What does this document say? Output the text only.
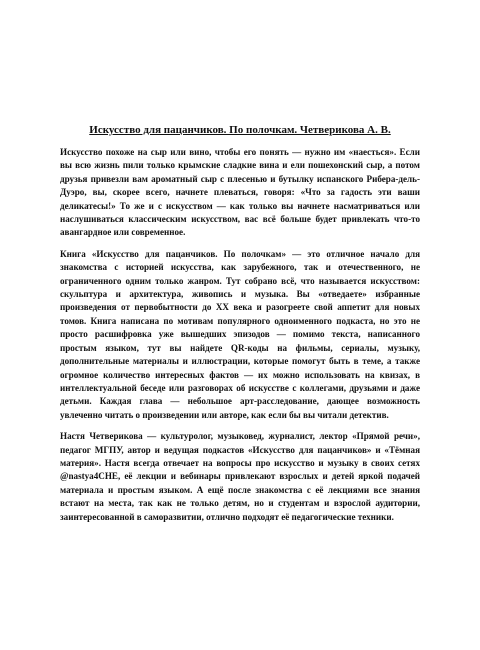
Искусство для пацанчиков. По полочкам. Четверикова А. В.

Искусство похоже на сыр или вино, чтобы его понять — нужно им «наесться». Если вы всю жизнь пили только крымские сладкие вина и ели пошехонский сыр, а потом друзья привезли вам ароматный сыр с плесенью и бутылку испанского Рибера-дель-Дуэро, вы, скорее всего, начнете плеваться, говоря: «Что за гадость эти ваши деликатесы!» То же и с искусством — как только вы начнете насматриваться или наслушиваться классическим искусством, вас всё больше будет привлекать что-то авангардное или современное.

Книга «Искусство для пацанчиков. По полочкам» — это отличное начало для знакомства с историей искусства, как зарубежного, так и отечественного, не ограниченного одним только жанром. Тут собрано всё, что называется искусством: скульптура и архитектура, живопись и музыка. Вы «отведаете» избранные произведения от первобытности до XX века и разогреете свой аппетит для новых томов. Книга написана по мотивам популярного одноименного подкаста, но это не просто расшифровка уже вышедших эпизодов — помимо текста, написанного простым языком, тут вы найдете QR-коды на фильмы, сериалы, музыку, дополнительные материалы и иллюстрации, которые помогут быть в теме, а также огромное количество интересных фактов — их можно использовать на квизах, в интеллектуальной беседе или разговорах об искусстве с коллегами, друзьями и даже детьми. Каждая глава — небольшое арт-расследование, дающее возможность увлеченно читать о произведении или авторе, как если бы вы читали детектив.

Настя Четверикова — культуролог, музыковед, журналист, лектор «Прямой речи», педагог МГПУ, автор и ведущая подкастов «Искусство для пацанчиков» и «Тёмная материя». Настя всегда отвечает на вопросы про искусство и музыку в своих сетях @nastya4CHE, её лекции и вебинары привлекают взрослых и детей яркой подачей материала и простым языком. А ещё после знакомства с её лекциями все знания встают на места, так как не только детям, но и студентам и взрослой аудитории, заинтересованной в саморазвитии, отлично подходят её педагогические техники.
